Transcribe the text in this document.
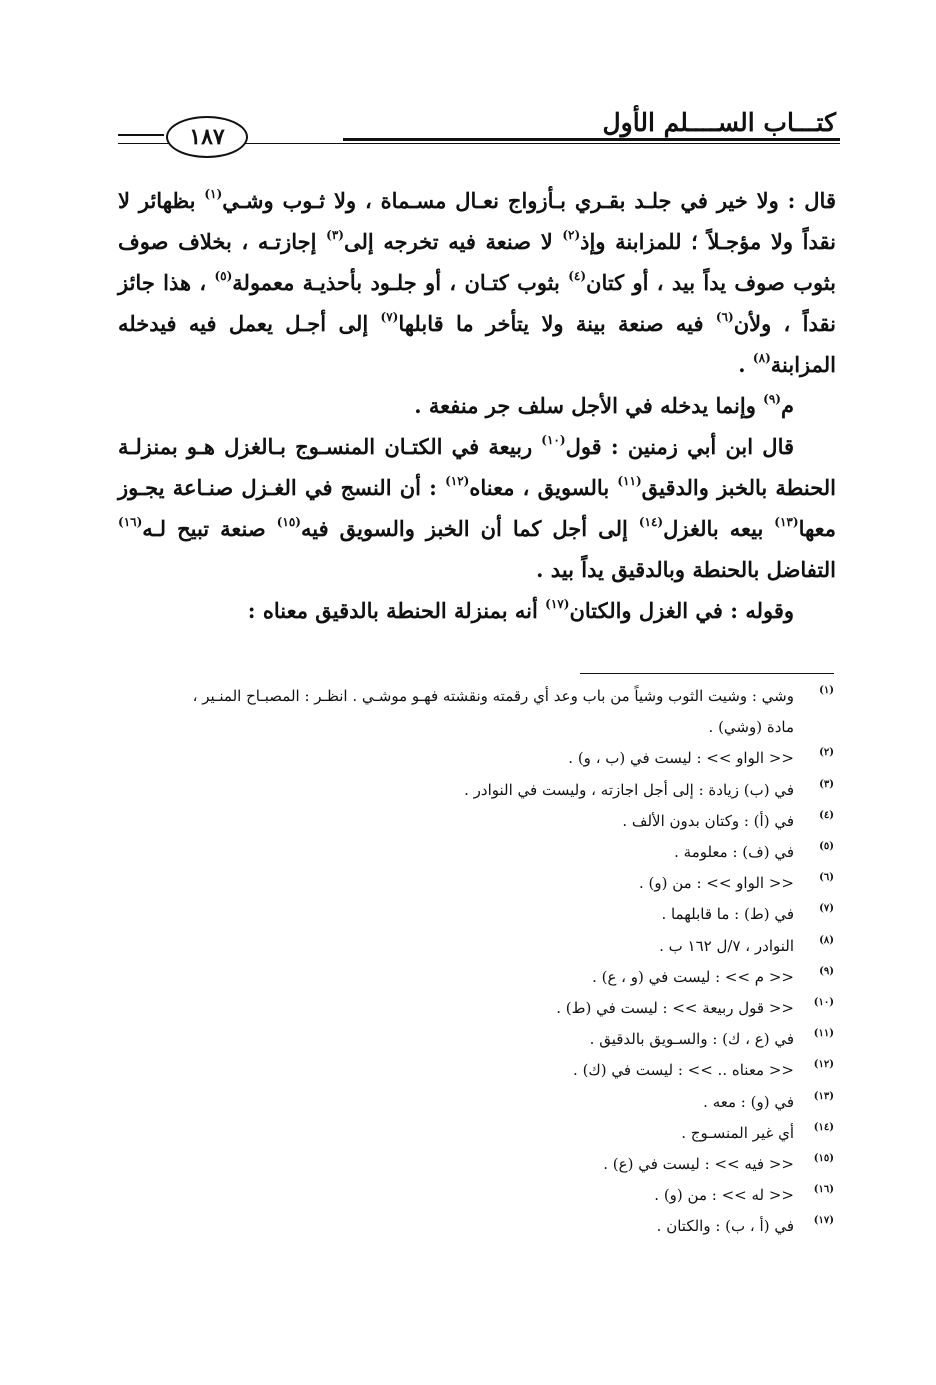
كتـــاب الســــلم الأول
١٨٧

قال : ولا خير في جلـد بقـري بـأزواج نعـال مسـماة ، ولا ثـوب وشـي$^{(١)}$ بظهائر لا نقداً ولا مؤجـلاً ؛ للمزابنة وإذ$^{(٢)}$ لا صنعة فيه تخرجه إلى$^{(٣)}$ إجازتـه ، بخلاف صوف بثوب صوف يداً بيد ، أو كتان$^{(٤)}$ بثوب كتـان ، أو جلـود بأحذيـة معمولة$^{(٥)}$ ، هذا جائز نقداً ، ولأن$^{(٦)}$ فيه صنعة بينة ولا يتأخر ما قابلها$^{(٧)}$ إلى أجـل يعمل فيه فيدخله المزابنة$^{(٨)}$ .

م$^{(٩)}$ وإنما يدخله في الأجل سلف جر منفعة .

قال ابن أبي زمنين : قول$^{(١٠)}$ ربيعة في الكتـان المنسـوج بـالغزل هـو بمنزلـة الحنطة بالخبز والدقيق$^{(١١)}$ بالسويق ، معناه$^{(١٢)}$ : أن النسج في الغـزل صنـاعة يجـوز معها$^{(١٣)}$ بيعه بالغزل$^{(١٤)}$ إلى أجل كما أن الخبز والسويق فيه$^{(١٥)}$ صنعة تبيح لـه$^{(١٦)}$ التفاضل بالحنطة وبالدقيق يداً بيد .

وقوله : في الغزل والكتان$^{(١٧)}$ أنه بمنزلة الحنطة بالدقيق معناه :

(١)
وشي : وشيت الثوب وشياً من باب وعد أي رقمته ونقشته فهـو موشـي . انظـر : المصبـاح المنـير ،
مادة (وشي) .
(٢)
<< الواو >> : ليست في (ب ، و) .
(٣)
في (ب) زيادة : إلى أجل اجازته ، وليست في النوادر .
(٤)
في (أ) : وكتان بدون الألف .
(٥)
في (ف) : معلومة .
(٦)
<< الواو >> : من (و) .
(٧)
في (ط) : ما قابلهما .
(٨)
النوادر ، ٧/ل ١٦٢ ب .
(٩)
<< م >> : ليست في (و ، ع) .
(١٠)
<< قول ربيعة >> : ليست في (ط) .
(١١)
في (ع ، ك) : والسـويق بالدقيق .
(١٢)
<< معناه .. >> : ليست في (ك) .
(١٣)
في (و) : معه .
(١٤)
أي غير المنسـوج .
(١٥)
<< فيه >> : ليست في (ع) .
(١٦)
<< له >> : من (و) .
(١٧)
في (أ ، ب) : والكتان .
